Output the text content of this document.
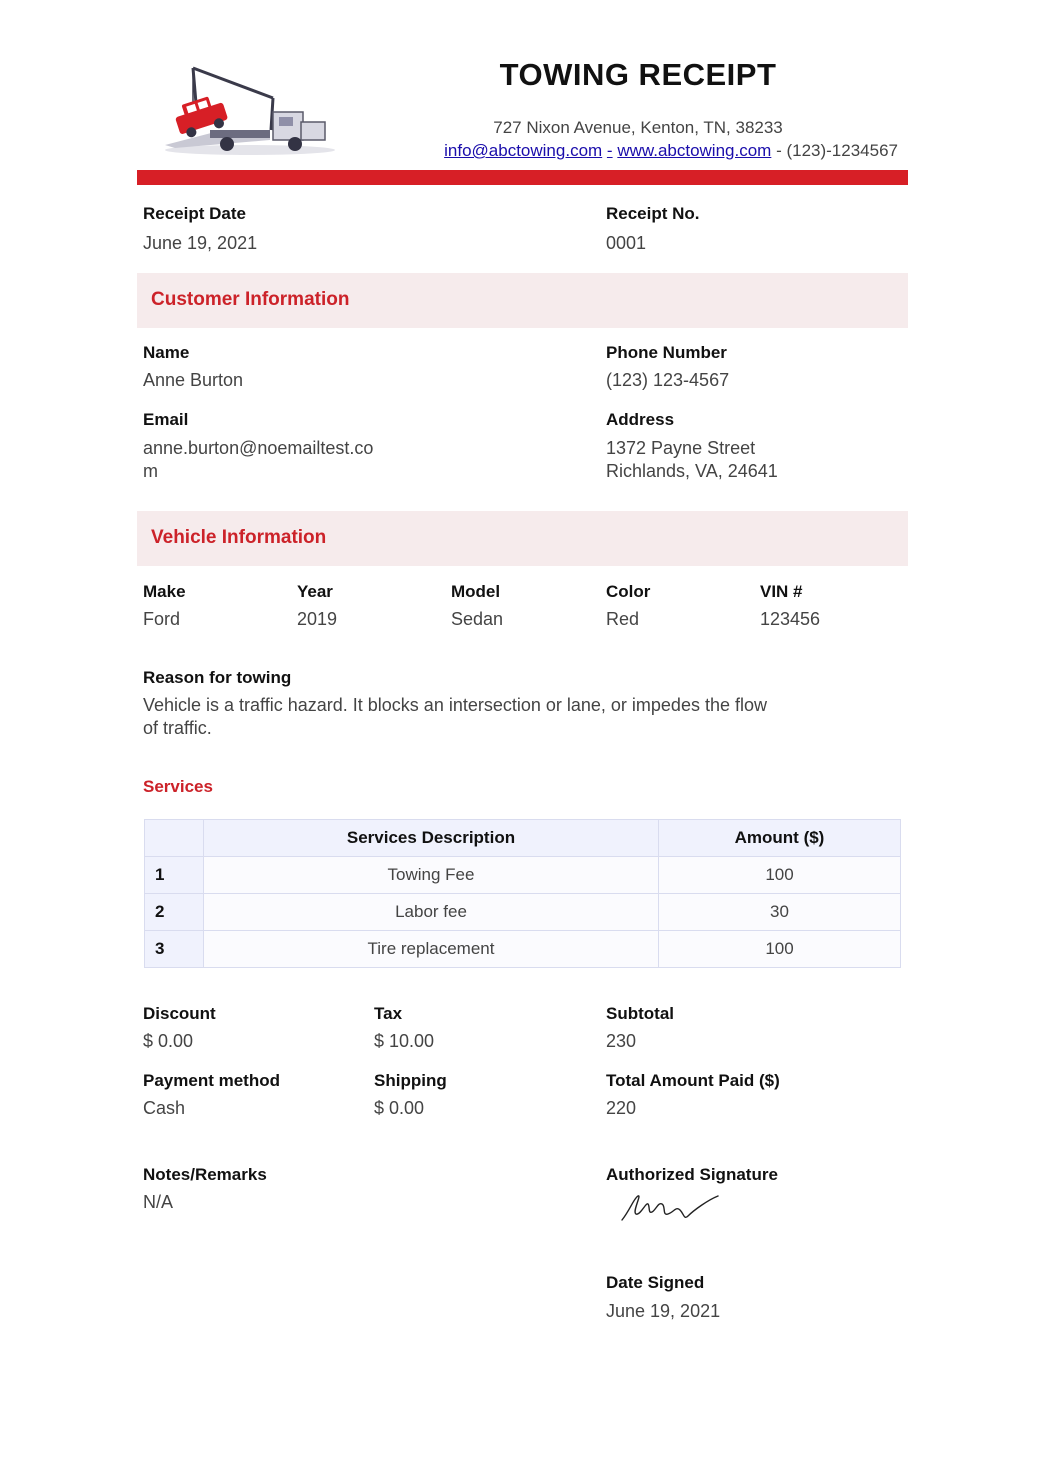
TOWING RECEIPT
727 Nixon Avenue, Kenton, TN, 38233
info@abctowing.com - www.abctowing.com - (123)-1234567
Receipt Date
June 19, 2021
Receipt No.
0001
Customer Information
Name
Anne Burton
Phone Number
(123) 123-4567
Email
anne.burton@noemailtest.co
m
Address
1372 Payne Street
Richlands, VA, 24641
Vehicle Information
Make
Ford
Year
2019
Model
Sedan
Color
Red
VIN #
123456
Reason for towing
Vehicle is a traffic hazard. It blocks an intersection or lane, or impedes the flow
of traffic.
Services
	Services Description	Amount ($)
1	Towing Fee	100
2	Labor fee	30
3	Tire replacement	100
Discount
$ 0.00
Tax
$ 10.00
Subtotal
230
Payment method
Cash
Shipping
$ 0.00
Total Amount Paid ($)
220
Notes/Remarks
N/A
Authorized Signature
Date Signed
June 19, 2021
